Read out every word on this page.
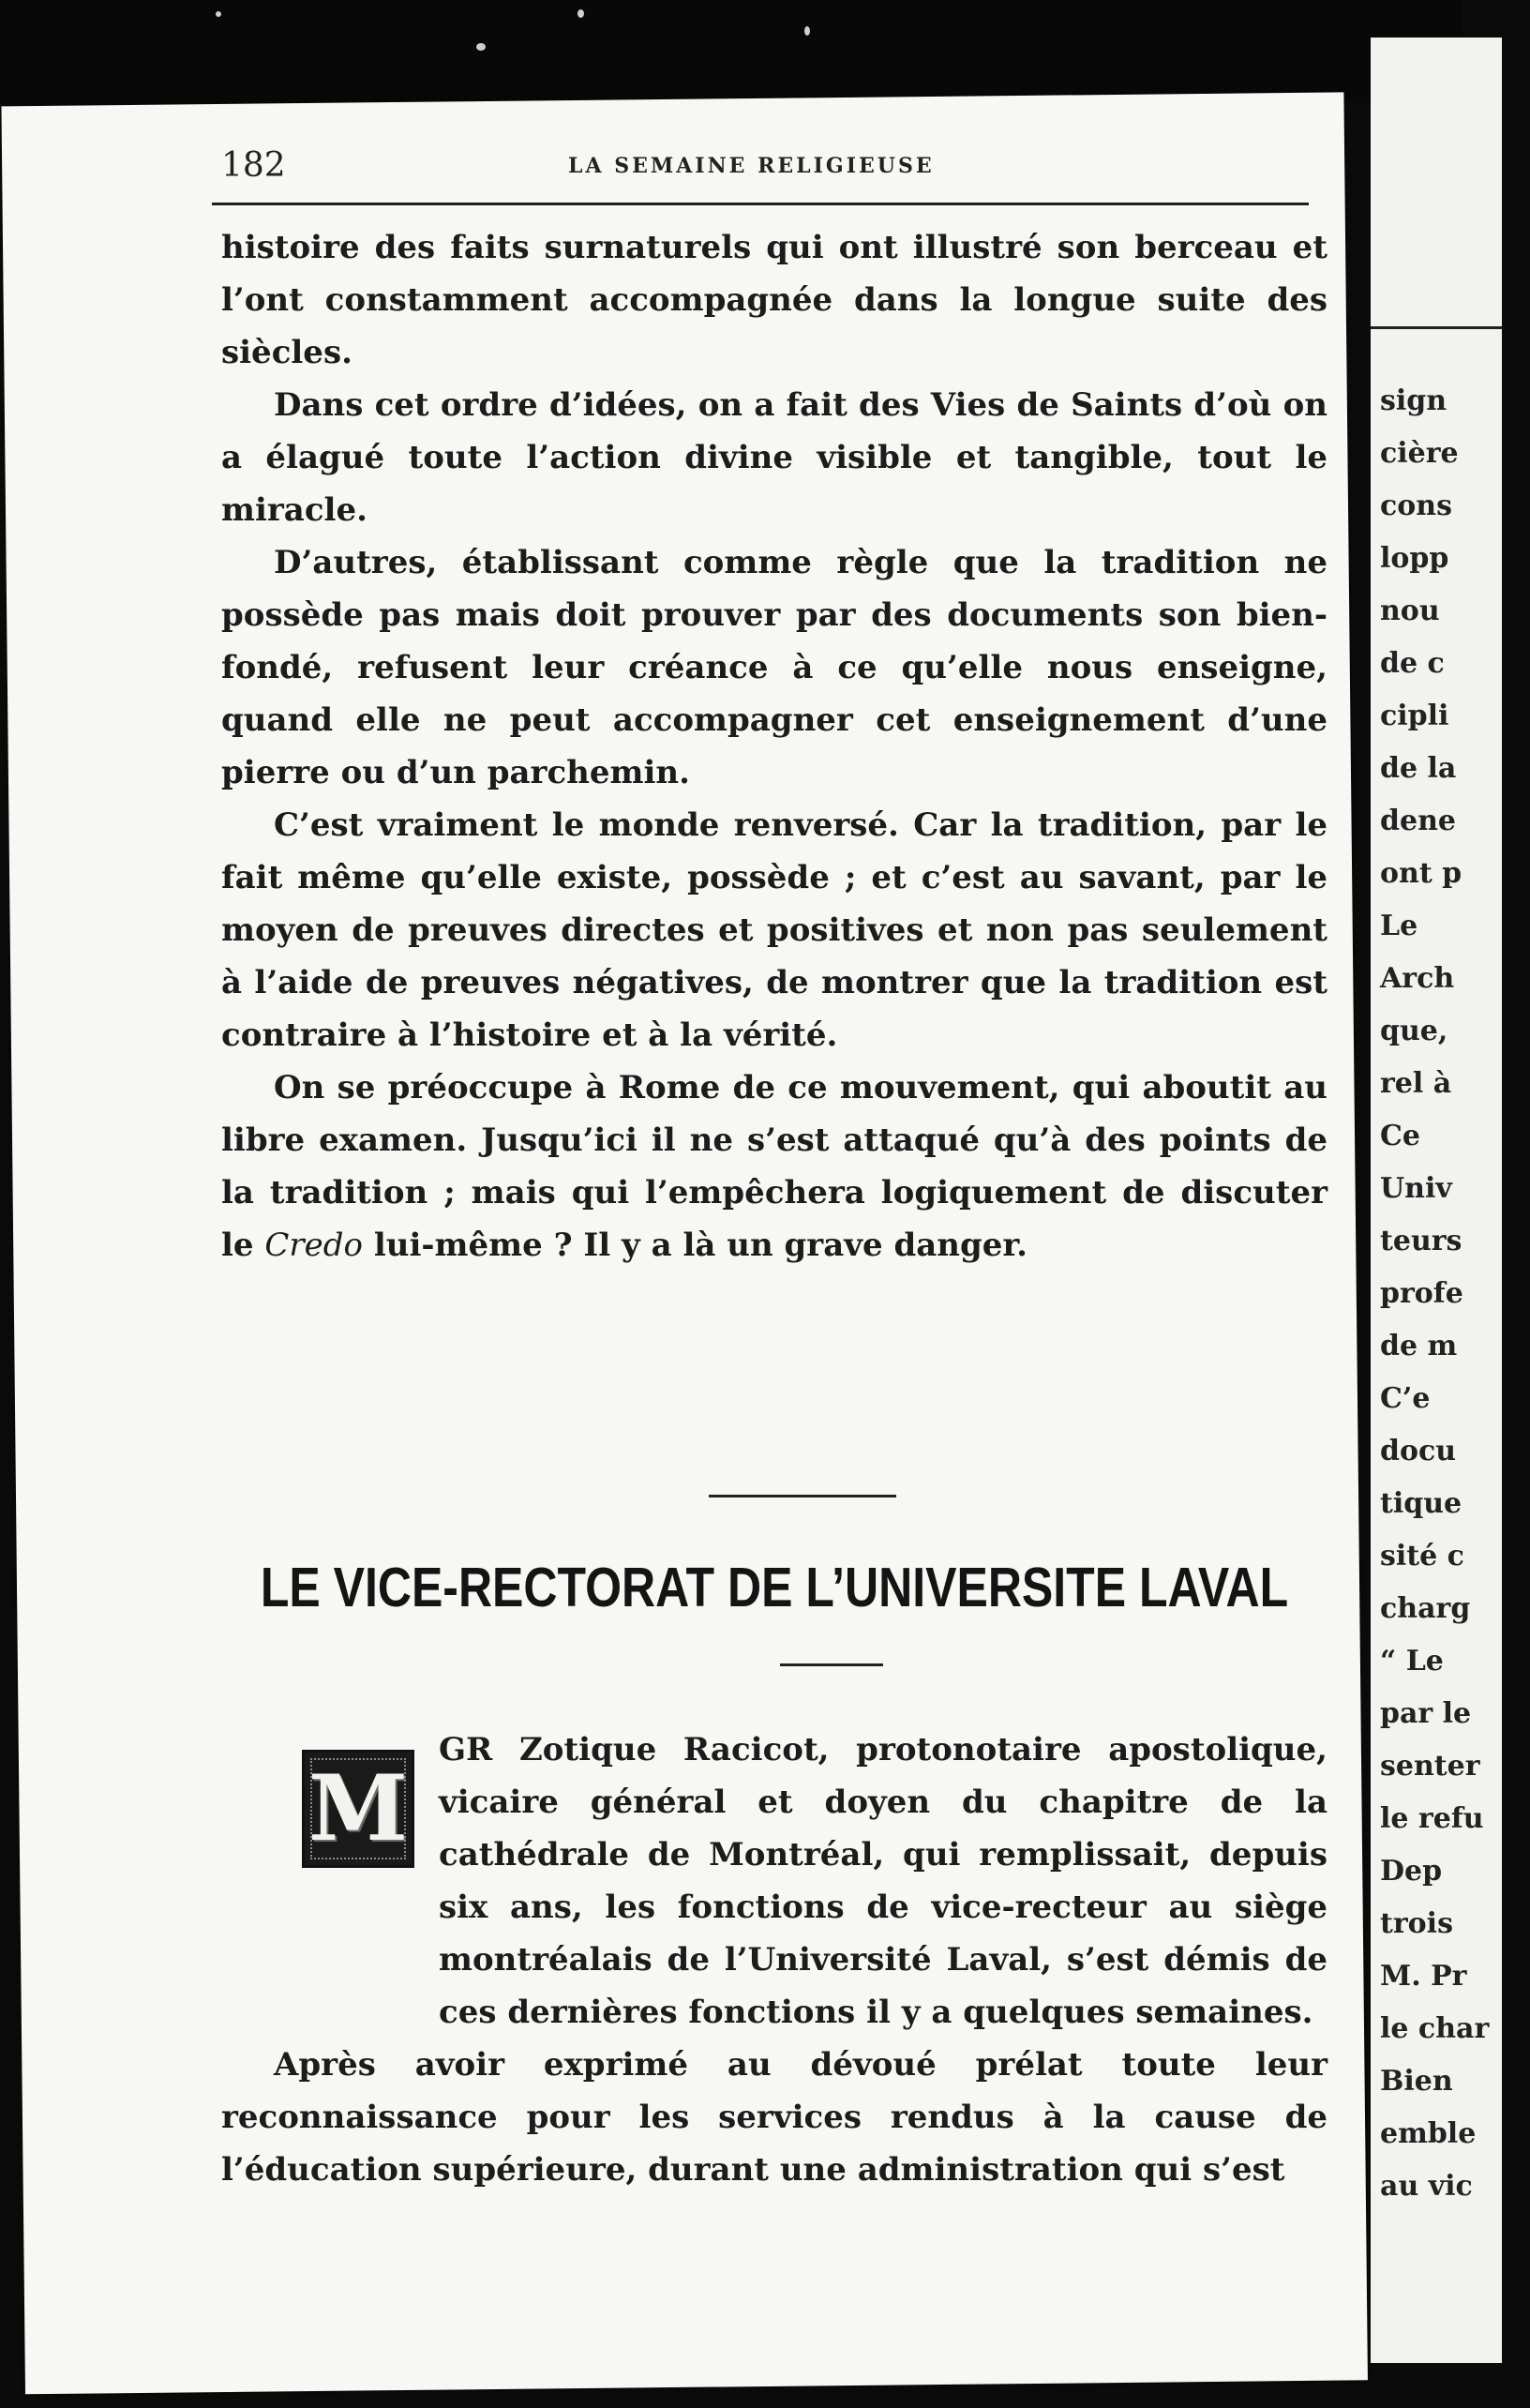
sign
cière
cons
lopp
nou
de c
cipli
de la
dene
ont p
Le
Arch
que,
rel à
Ce
Univ
teurs
profe
de m
C’e
docu
tique
sité c
charg
“ Le
par le
senter
le refu
Dep
trois
M. Pr
le char
Bien
emble
au vic
182	LA SEMAINE RELIGIEUSE

histoire des faits surnaturels qui ont illustré son berceau et l’ont constamment accompagnée dans la longue suite des siècles.

Dans cet ordre d’idées, on a fait des Vies de Saints d’où on a élagué toute l’action divine visible et tangible, tout le miracle.

D’autres, établissant comme règle que la tradition ne possède pas mais doit prouver par des documents son bien-fondé, refusent leur créance à ce qu’elle nous enseigne, quand elle ne peut accompagner cet enseignement d’une pierre ou d’un parchemin.

C’est vraiment le monde renversé. Car la tradition, par le fait même qu’elle existe, possède ; et c’est au savant, par le moyen de preuves directes et positives et non pas seulement à l’aide de preuves négatives, de montrer que la tradition est contraire à l’histoire et à la vérité.

On se préoccupe à Rome de ce mouvement, qui aboutit au libre examen. Jusqu’ici il ne s’est attaqué qu’à des points de la tradition ; mais qui l’empêchera logiquement de discuter le Credo lui-même ? Il y a là un grave danger.

LE VICE-RECTORAT DE L’UNIVERSITE LAVAL
M

GR Zotique Racicot, protonotaire apostolique, vicaire général et doyen du chapitre de la cathédrale de Montréal, qui remplissait, depuis six ans, les fonctions de vice-recteur au siège montréalais de l’Université Laval, s’est démis de ces dernières fonctions il y a quelques semaines.

Après avoir exprimé au dévoué prélat toute leur reconnaissance pour les services rendus à la cause de l’éducation supérieure, durant une administration qui s’est
